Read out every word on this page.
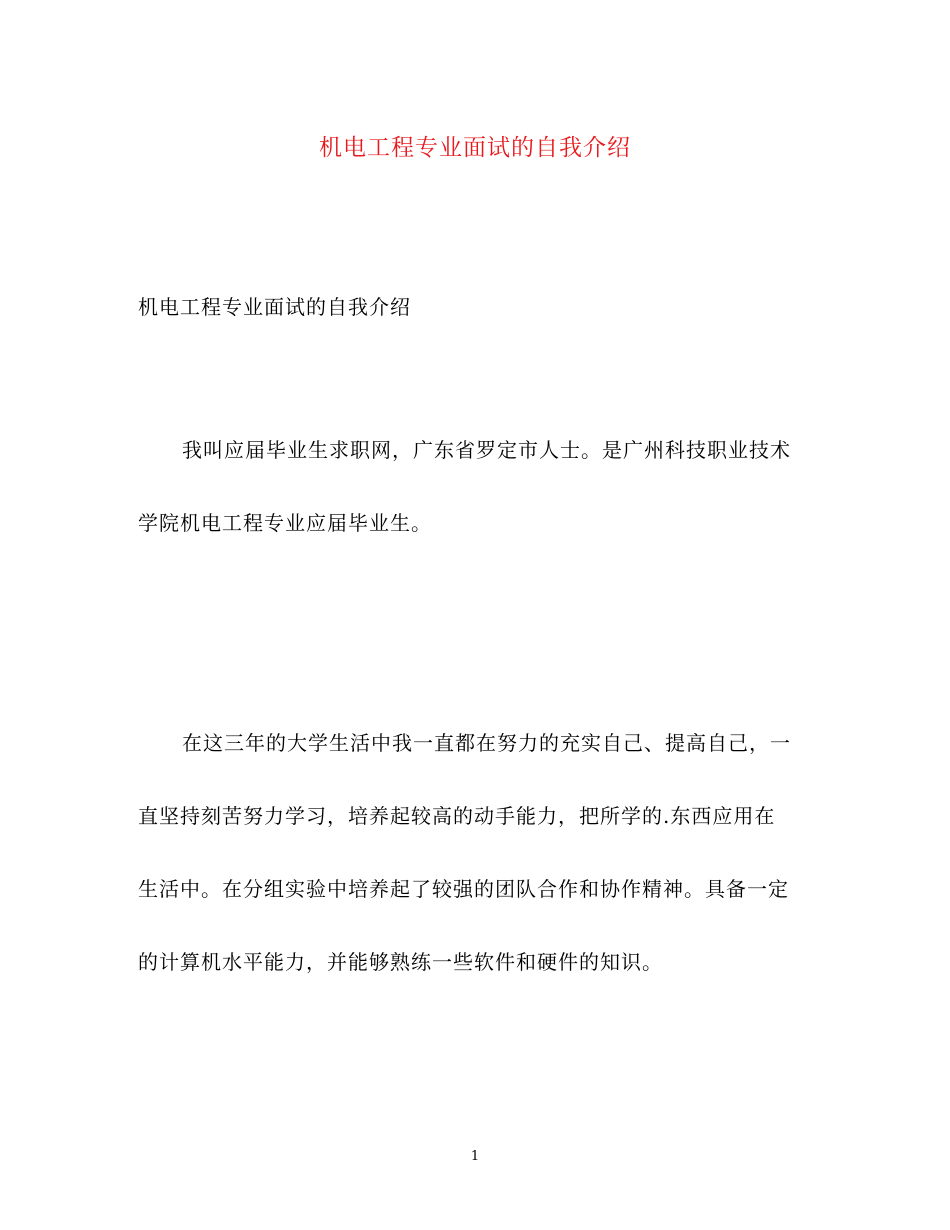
机电工程专业面试的自我介绍
机电工程专业面试的自我介绍
我叫应届毕业生求职网，广东省罗定市人士。是广州科技职业技术
学院机电工程专业应届毕业生。
在这三年的大学生活中我一直都在努力的充实自己、提高自己，一
直坚持刻苦努力学习，培养起较高的动手能力，把所学的.东西应用在
生活中。在分组实验中培养起了较强的团队合作和协作精神。具备一定
的计算机水平能力，并能够熟练一些软件和硬件的知识。
1
